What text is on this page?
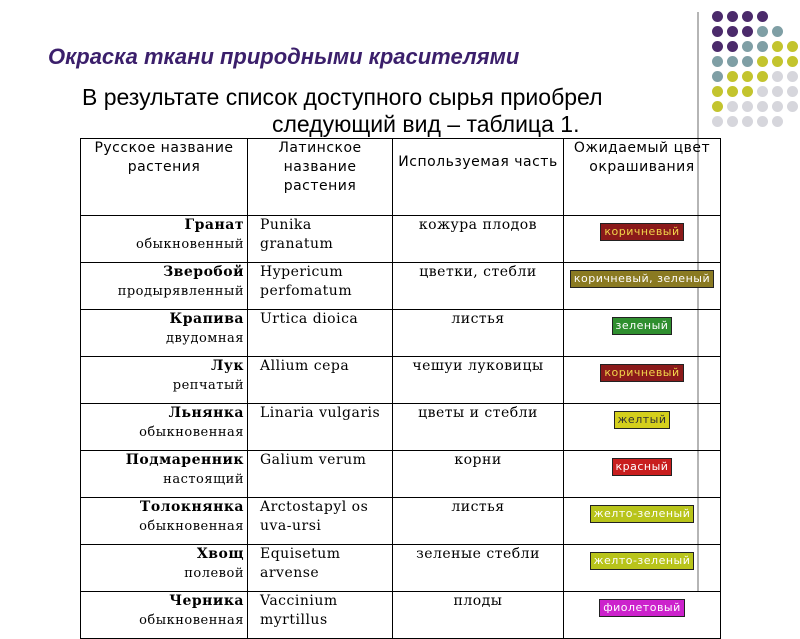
Окраска ткани природными красителями
В результате список доступного сырья приобрел
следующий вид – таблица 1.
Русское название растения	Латинское название растения	Используемая часть	Ожидаемый цвет окрашивания

Гранат
обыкновенный	Punika granatum	кожура плодов	коричневый

Зверобой
продырявленный	Hypericum perfomatum	цветки, стебли	коричневый, зеленый

Крапива
двудомная	Urtica dioica	листья	зеленый

Лук
репчатый	Allium cepa	чешуи луковицы	коричневый

Льнянка
обыкновенная	Linaria vulgaris	цветы и стебли	желтый

Подмаренник
настоящий	Galium verum	корни	красный

Толокнянка
обыкновенная	Arctostapyl os uva-ursi	листья	желто-зеленый

Хвощ
полевой	Equisetum arvense	зеленые стебли	желто-зеленый

Черника
обыкновенная	Vaccinium myrtillus	плоды	фиолетовый
